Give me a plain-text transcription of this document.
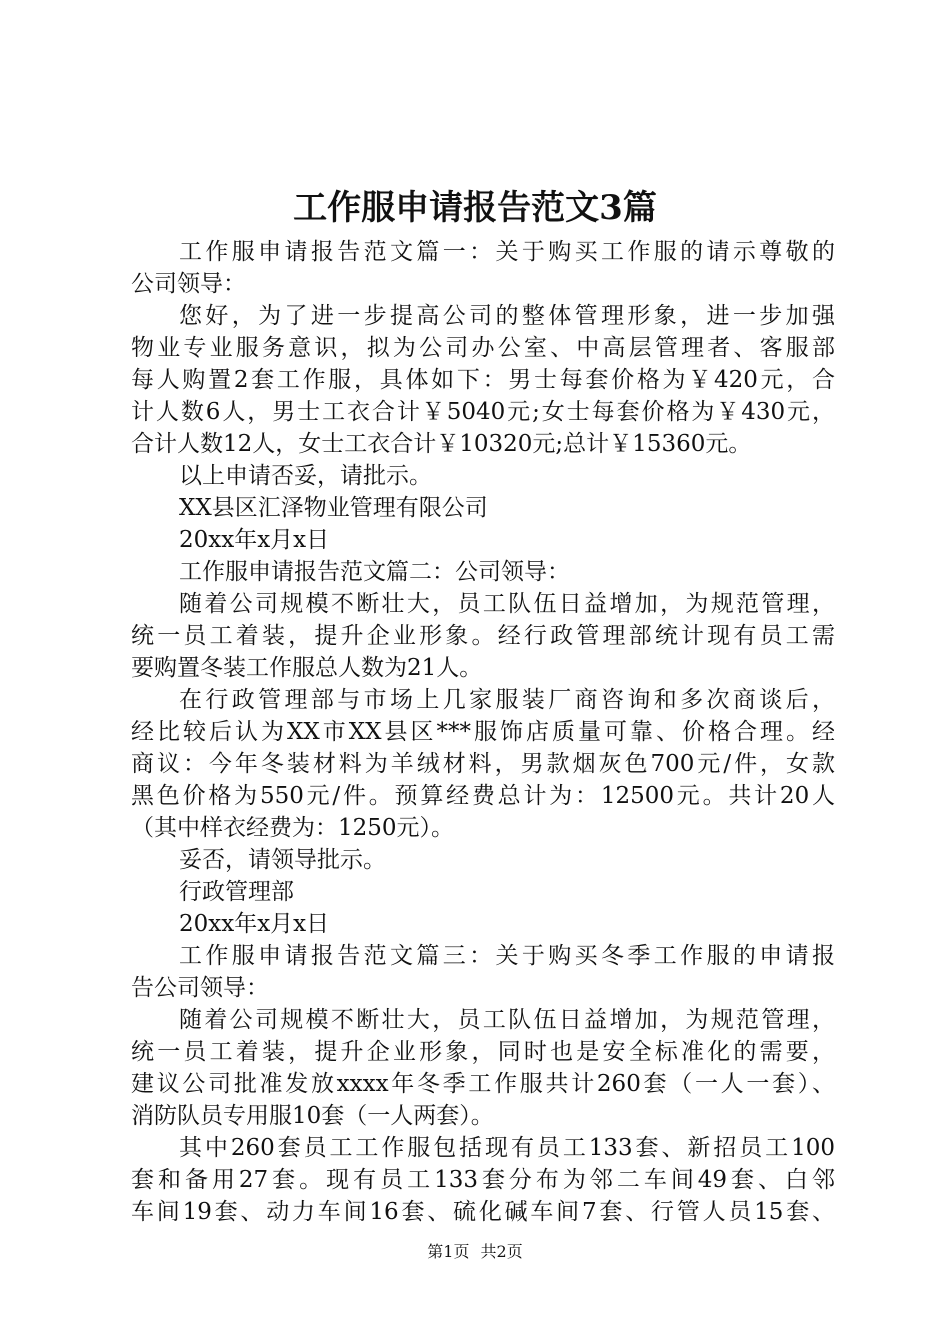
工作服申请报告范文3篇
工作服申请报告范文篇一：关于购买工作服的请示尊敬的
公司领导：
您好，为了进一步提高公司的整体管理形象，进一步加强
物业专业服务意识，拟为公司办公室、中高层管理者、客服部
每人购置2套工作服，具体如下：男士每套价格为￥420元，合
计人数6人，男士工衣合计￥5040元;女士每套价格为￥430元，
合计人数12人，女士工衣合计￥10320元;总计￥15360元。
以上申请否妥，请批示。
XX县区汇泽物业管理有限公司
20xx年x月x日
工作服申请报告范文篇二：公司领导：
随着公司规模不断壮大，员工队伍日益增加，为规范管理，
统一员工着装，提升企业形象。经行政管理部统计现有员工需
要购置冬装工作服总人数为21人。
在行政管理部与市场上几家服装厂商咨询和多次商谈后，
经比较后认为XX市XX县区***服饰店质量可靠、价格合理。经
商议：今年冬装材料为羊绒材料，男款烟灰色700元/件，女款
黑色价格为550元/件。预算经费总计为：12500元。共计20人
（其中样衣经费为：1250元）。
妥否，请领导批示。
行政管理部
20xx年x月x日
工作服申请报告范文篇三：关于购买冬季工作服的申请报
告公司领导：
随着公司规模不断壮大，员工队伍日益增加，为规范管理，
统一员工着装，提升企业形象，同时也是安全标准化的需要，
建议公司批准发放xxxx年冬季工作服共计260套（一人一套）、
消防队员专用服10套（一人两套）。
其中260套员工工作服包括现有员工133套、新招员工100
套和备用27套。现有员工133套分布为邻二车间49套、白邻
车间19套、动力车间16套、硫化碱车间7套、行管人员15套、
第1页 共2页
